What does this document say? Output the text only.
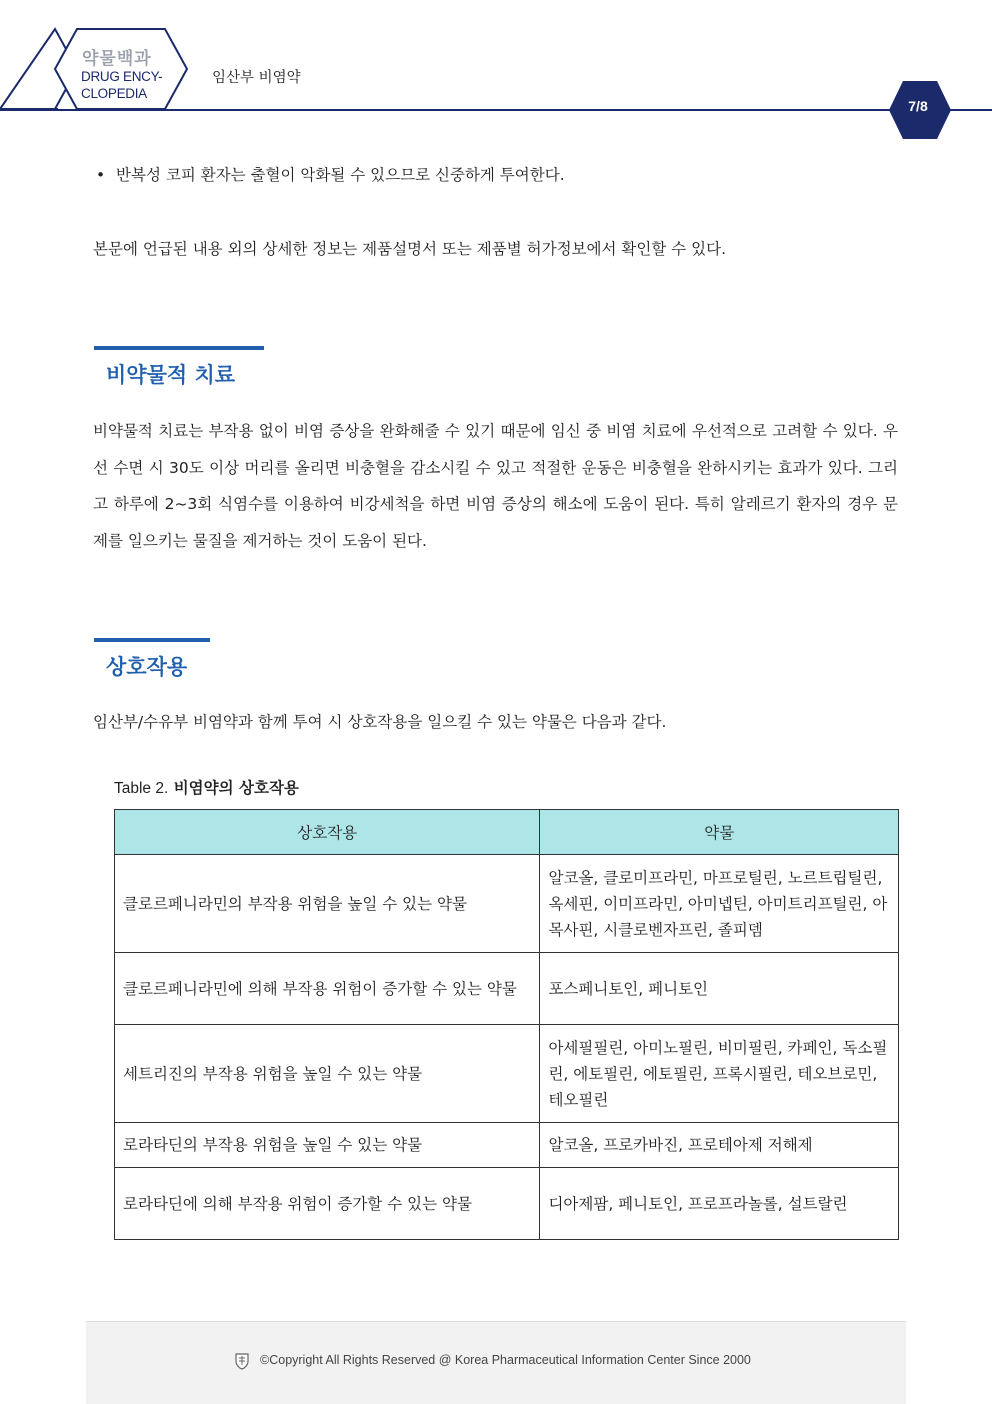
약물백과
DRUG ENCY-
CLOPEDIA
임산부 비염약
7/8
• 반복성 코피 환자는 출혈이 악화될 수 있으므로 신중하게 투여한다.
본문에 언급된 내용 외의 상세한 정보는 제품설명서 또는 제품별 허가정보에서 확인할 수 있다.
비약물적 치료
비약물적 치료는 부작용 없이 비염 증상을 완화해줄 수 있기 때문에 임신 중 비염 치료에 우선적으로 고려할 수 있다. 우선 수면 시 30도 이상 머리를 올리면 비충혈을 감소시킬 수 있고 적절한 운동은 비충혈을 완하시키는 효과가 있다. 그리고 하루에 2~3회 식염수를 이용하여 비강세척을 하면 비염 증상의 해소에 도움이 된다. 특히 알레르기 환자의 경우 문제를 일으키는 물질을 제거하는 것이 도움이 된다.
상호작용
임산부/수유부 비염약과 함께 투여 시 상호작용을 일으킬 수 있는 약물은 다음과 같다.
Table 2. 비염약의 상호작용
상호작용	약물
클로르페니라민의 부작용 위험을 높일 수 있는 약물	알코올, 클로미프라민, 마프로틸린, 노르트립틸린, 옥세핀, 이미프라민, 아미넵틴, 아미트리프틸린, 아목사핀, 시클로벤자프린, 졸피뎀
클로르페니라민에 의해 부작용 위험이 증가할 수 있는 약물	포스페니토인, 페니토인
세트리진의 부작용 위험을 높일 수 있는 약물	아세필필린, 아미노필린, 비미필린, 카페인, 독소필린, 에토필린, 에토필린, 프록시필린, 테오브로민, 테오필린
로라타딘의 부작용 위험을 높일 수 있는 약물	알코올, 프로카바진, 프로테아제 저해제
로라타딘에 의해 부작용 위험이 증가할 수 있는 약물	디아제팜, 페니토인, 프로프라놀롤, 설트랄린
©Copyright All Rights Reserved @ Korea Pharmaceutical Information Center Since 2000
